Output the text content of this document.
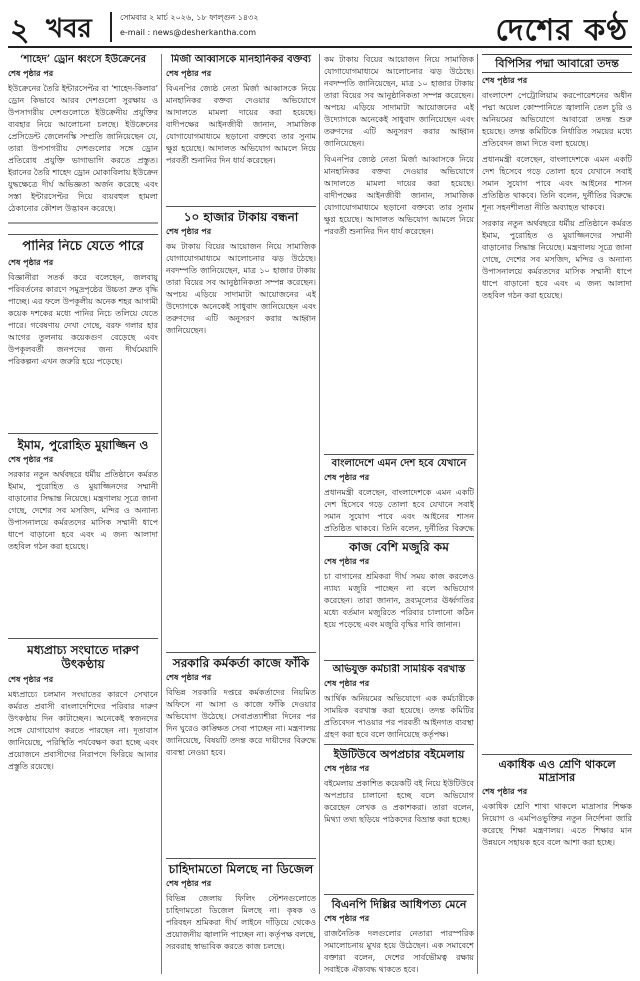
২ খবর	সোমবার ২ মার্চ ২০২৬, ১৮ ফাল্গুন ১৪৩২
e-mail : news@desherkantha.com	দেশের কণ্ঠ
‘শাহেদ’ ড্রোন ধ্বংসে ইউক্রেনের
শেষ পৃষ্ঠার পর
ইউক্রেনের তৈরি ইন্টারসেপ্টর বা ‘শাহেদ-কিলার’ ড্রোন কিভাবে আরব দেশগুলো সুরক্ষায় ও উপসাগরীয় দেশগুলোতে ইউক্রেনীয় প্রযুক্তির ব্যবহার নিয়ে আলোচনা চলছে। ইউক্রেনের প্রেসিডেন্ট জেলেনস্কি সম্প্রতি জানিয়েছেন যে, তারা উপসাগরীয় দেশগুলোর সঙ্গে ড্রোন প্রতিরোধ প্রযুক্তি ভাগাভাগি করতে প্রস্তুত। ইরানের তৈরি শাহেদ ড্রোন মোকাবিলায় ইউক্রেন যুদ্ধক্ষেত্রে দীর্ঘ অভিজ্ঞতা অর্জন করেছে এবং সস্তা ইন্টারসেপ্টর দিয়ে ব্যয়বহুল হামলা ঠেকানোর কৌশল উদ্ভাবন করেছে।
পানির নিচে যেতে পারে
শেষ পৃষ্ঠার পর
বিজ্ঞানীরা সতর্ক করে বলেছেন, জলবায়ু পরিবর্তনের কারণে সমুদ্রপৃষ্ঠের উচ্চতা দ্রুত বৃদ্ধি পাচ্ছে। এর ফলে উপকূলীয় অনেক শহর আগামী কয়েক দশকের মধ্যে পানির নিচে তলিয়ে যেতে পারে। গবেষণায় দেখা গেছে, বরফ গলার হার আগের তুলনায় কয়েকগুণ বেড়েছে এবং উপকূলবর্তী জনপদের জন্য দীর্ঘমেয়াদি পরিকল্পনা এখন জরুরি হয়ে পড়েছে।
ইমাম, পুরোহিত মুয়াজ্জিন ও
শেষ পৃষ্ঠার পর
সরকার নতুন অর্থবছরে ধর্মীয় প্রতিষ্ঠানে কর্মরত ইমাম, পুরোহিত ও মুয়াজ্জিনদের সম্মানী বাড়ানোর সিদ্ধান্ত নিয়েছে। মন্ত্রণালয় সূত্রে জানা গেছে, দেশের সব মসজিদ, মন্দির ও অন্যান্য উপাসনালয়ে কর্মরতদের মাসিক সম্মানী ধাপে ধাপে বাড়ানো হবে এবং এ জন্য আলাদা তহবিল গঠন করা হয়েছে।
মধ্যপ্রাচ্য সংঘাতে দারুণ উৎকণ্ঠায়
শেষ পৃষ্ঠার পর
মধ্যপ্রাচ্যে চলমান সংঘাতের কারণে সেখানে কর্মরত প্রবাসী বাংলাদেশিদের পরিবার দারুণ উৎকণ্ঠায় দিন কাটাচ্ছেন। অনেকেই স্বজনদের সঙ্গে যোগাযোগ করতে পারছেন না। দূতাবাস জানিয়েছে, পরিস্থিতি পর্যবেক্ষণ করা হচ্ছে এবং প্রয়োজনে প্রবাসীদের নিরাপদে ফিরিয়ে আনার প্রস্তুতি রয়েছে।
মির্জা আব্বাসকে মানহানিকর বক্তব্য
শেষ পৃষ্ঠার পর
বিএনপির জ্যেষ্ঠ নেতা মির্জা আব্বাসকে নিয়ে মানহানিকর বক্তব্য দেওয়ার অভিযোগে আদালতে মামলা দায়ের করা হয়েছে। বাদীপক্ষের আইনজীবী জানান, সামাজিক যোগাযোগমাধ্যমে ছড়ানো বক্তব্যে তার সুনাম ক্ষুণ্ণ হয়েছে। আদালত অভিযোগ আমলে নিয়ে পরবর্তী শুনানির দিন ধার্য করেছেন।
১০ হাজার টাকায় বন্ধনা
শেষ পৃষ্ঠার পর
কম টাকায় বিয়ের আয়োজন নিয়ে সামাজিক যোগাযোগমাধ্যমে আলোচনার ঝড় উঠেছে। নবদম্পতি জানিয়েছেন, মাত্র ১০ হাজার টাকায় তারা বিয়ের সব আনুষ্ঠানিকতা সম্পন্ন করেছেন। অপচয় এড়িয়ে সাদামাটা আয়োজনের এই উদ্যোগকে অনেকেই সাধুবাদ জানিয়েছেন এবং তরুণদের এটি অনুসরণ করার আহ্বান জানিয়েছেন।
সরকারি কর্মকর্তা কাজে ফাঁকি
শেষ পৃষ্ঠার পর
বিভিন্ন সরকারি দপ্তরে কর্মকর্তাদের নিয়মিত অফিসে না আসা ও কাজে ফাঁকি দেওয়ার অভিযোগ উঠেছে। সেবাপ্রত্যাশীরা দিনের পর দিন ঘুরেও কাঙ্ক্ষিত সেবা পাচ্ছেন না। মন্ত্রণালয় জানিয়েছে, বিষয়টি তদন্ত করে দায়ীদের বিরুদ্ধে ব্যবস্থা নেওয়া হবে।
চাহিদামতো মিলছে না ডিজেল
শেষ পৃষ্ঠার পর
বিভিন্ন জেলায় ফিলিং স্টেশনগুলোতে চাহিদামতো ডিজেল মিলছে না। কৃষক ও পরিবহন শ্রমিকরা দীর্ঘ লাইনে দাঁড়িয়ে থেকেও প্রয়োজনীয় জ্বালানি পাচ্ছেন না। কর্তৃপক্ষ বলছে, সরবরাহ স্বাভাবিক করতে কাজ চলছে।
কম টাকায় বিয়ের আয়োজন নিয়ে সামাজিক যোগাযোগমাধ্যমে আলোচনার ঝড় উঠেছে। নবদম্পতি জানিয়েছেন, মাত্র ১০ হাজার টাকায় তারা বিয়ের সব আনুষ্ঠানিকতা সম্পন্ন করেছেন। অপচয় এড়িয়ে সাদামাটা আয়োজনের এই উদ্যোগকে অনেকেই সাধুবাদ জানিয়েছেন এবং তরুণদের এটি অনুসরণ করার আহ্বান জানিয়েছেন।
বিএনপির জ্যেষ্ঠ নেতা মির্জা আব্বাসকে নিয়ে মানহানিকর বক্তব্য দেওয়ার অভিযোগে আদালতে মামলা দায়ের করা হয়েছে। বাদীপক্ষের আইনজীবী জানান, সামাজিক যোগাযোগমাধ্যমে ছড়ানো বক্তব্যে তার সুনাম ক্ষুণ্ণ হয়েছে। আদালত অভিযোগ আমলে নিয়ে পরবর্তী শুনানির দিন ধার্য করেছেন।
বাংলাদেশে এমন দেশ হবে যেখানে
শেষ পৃষ্ঠার পর
প্রধানমন্ত্রী বলেছেন, বাংলাদেশকে এমন একটি দেশ হিসেবে গড়ে তোলা হবে যেখানে সবাই সমান সুযোগ পাবে এবং আইনের শাসন প্রতিষ্ঠিত থাকবে। তিনি বলেন, দুর্নীতির বিরুদ্ধে
কাজ বেশি মজুরি কম
শেষ পৃষ্ঠার পর
চা বাগানের শ্রমিকরা দীর্ঘ সময় কাজ করলেও ন্যায্য মজুরি পাচ্ছেন না বলে অভিযোগ করেছেন। তারা জানান, দ্রব্যমূল্যের ঊর্ধ্বগতির মধ্যে বর্তমান মজুরিতে পরিবার চালানো কঠিন হয়ে পড়েছে এবং মজুরি বৃদ্ধির দাবি জানান।
অভিযুক্ত কর্মচারী সাময়িক বরখাস্ত
শেষ পৃষ্ঠার পর
আর্থিক অনিয়মের অভিযোগে এক কর্মচারীকে সাময়িক বরখাস্ত করা হয়েছে। তদন্ত কমিটির প্রতিবেদন পাওয়ার পর পরবর্তী আইনগত ব্যবস্থা গ্রহণ করা হবে বলে জানিয়েছে কর্তৃপক্ষ।
ইউটিউবে অপপ্রচার বইমেলায়
শেষ পৃষ্ঠার পর
বইমেলায় প্রকাশিত কয়েকটি বই নিয়ে ইউটিউবে অপপ্রচার চালানো হচ্ছে বলে অভিযোগ করেছেন লেখক ও প্রকাশকরা। তারা বলেন, মিথ্যা তথ্য ছড়িয়ে পাঠকদের বিভ্রান্ত করা হচ্ছে।
বিএনপি দিল্লির আধিপত্য মেনে
শেষ পৃষ্ঠার পর
রাজনৈতিক দলগুলোর নেতারা পারস্পরিক সমালোচনায় মুখর হয়ে উঠেছেন। এক সমাবেশে বক্তারা বলেন, দেশের সার্বভৌমত্ব রক্ষায় সবাইকে ঐক্যবদ্ধ থাকতে হবে।
বিপিসির পদ্মা আবারো তদন্ত
শেষ পৃষ্ঠার পর
বাংলাদেশ পেট্রোলিয়াম করপোরেশনের অধীন পদ্মা অয়েল কোম্পানিতে জ্বালানি তেল চুরি ও অনিয়মের অভিযোগে আবারো তদন্ত শুরু হয়েছে। তদন্ত কমিটিকে নির্ধারিত সময়ের মধ্যে প্রতিবেদন জমা দিতে বলা হয়েছে।
প্রধানমন্ত্রী বলেছেন, বাংলাদেশকে এমন একটি দেশ হিসেবে গড়ে তোলা হবে যেখানে সবাই সমান সুযোগ পাবে এবং আইনের শাসন প্রতিষ্ঠিত থাকবে। তিনি বলেন, দুর্নীতির বিরুদ্ধে শূন্য সহনশীলতা নীতি অব্যাহত থাকবে।
সরকার নতুন অর্থবছরে ধর্মীয় প্রতিষ্ঠানে কর্মরত ইমাম, পুরোহিত ও মুয়াজ্জিনদের সম্মানী বাড়ানোর সিদ্ধান্ত নিয়েছে। মন্ত্রণালয় সূত্রে জানা গেছে, দেশের সব মসজিদ, মন্দির ও অন্যান্য উপাসনালয়ে কর্মরতদের মাসিক সম্মানী ধাপে ধাপে বাড়ানো হবে এবং এ জন্য আলাদা তহবিল গঠন করা হয়েছে।
একাধিক এও শ্রেণি থাকলে মাদ্রাসার
শেষ পৃষ্ঠার পর
একাধিক শ্রেণি শাখা থাকলে মাদ্রাসার শিক্ষক নিয়োগ ও এমপিওভুক্তির নতুন নির্দেশনা জারি করেছে শিক্ষা মন্ত্রণালয়। এতে শিক্ষার মান উন্নয়নে সহায়ক হবে বলে আশা করা হচ্ছে।
